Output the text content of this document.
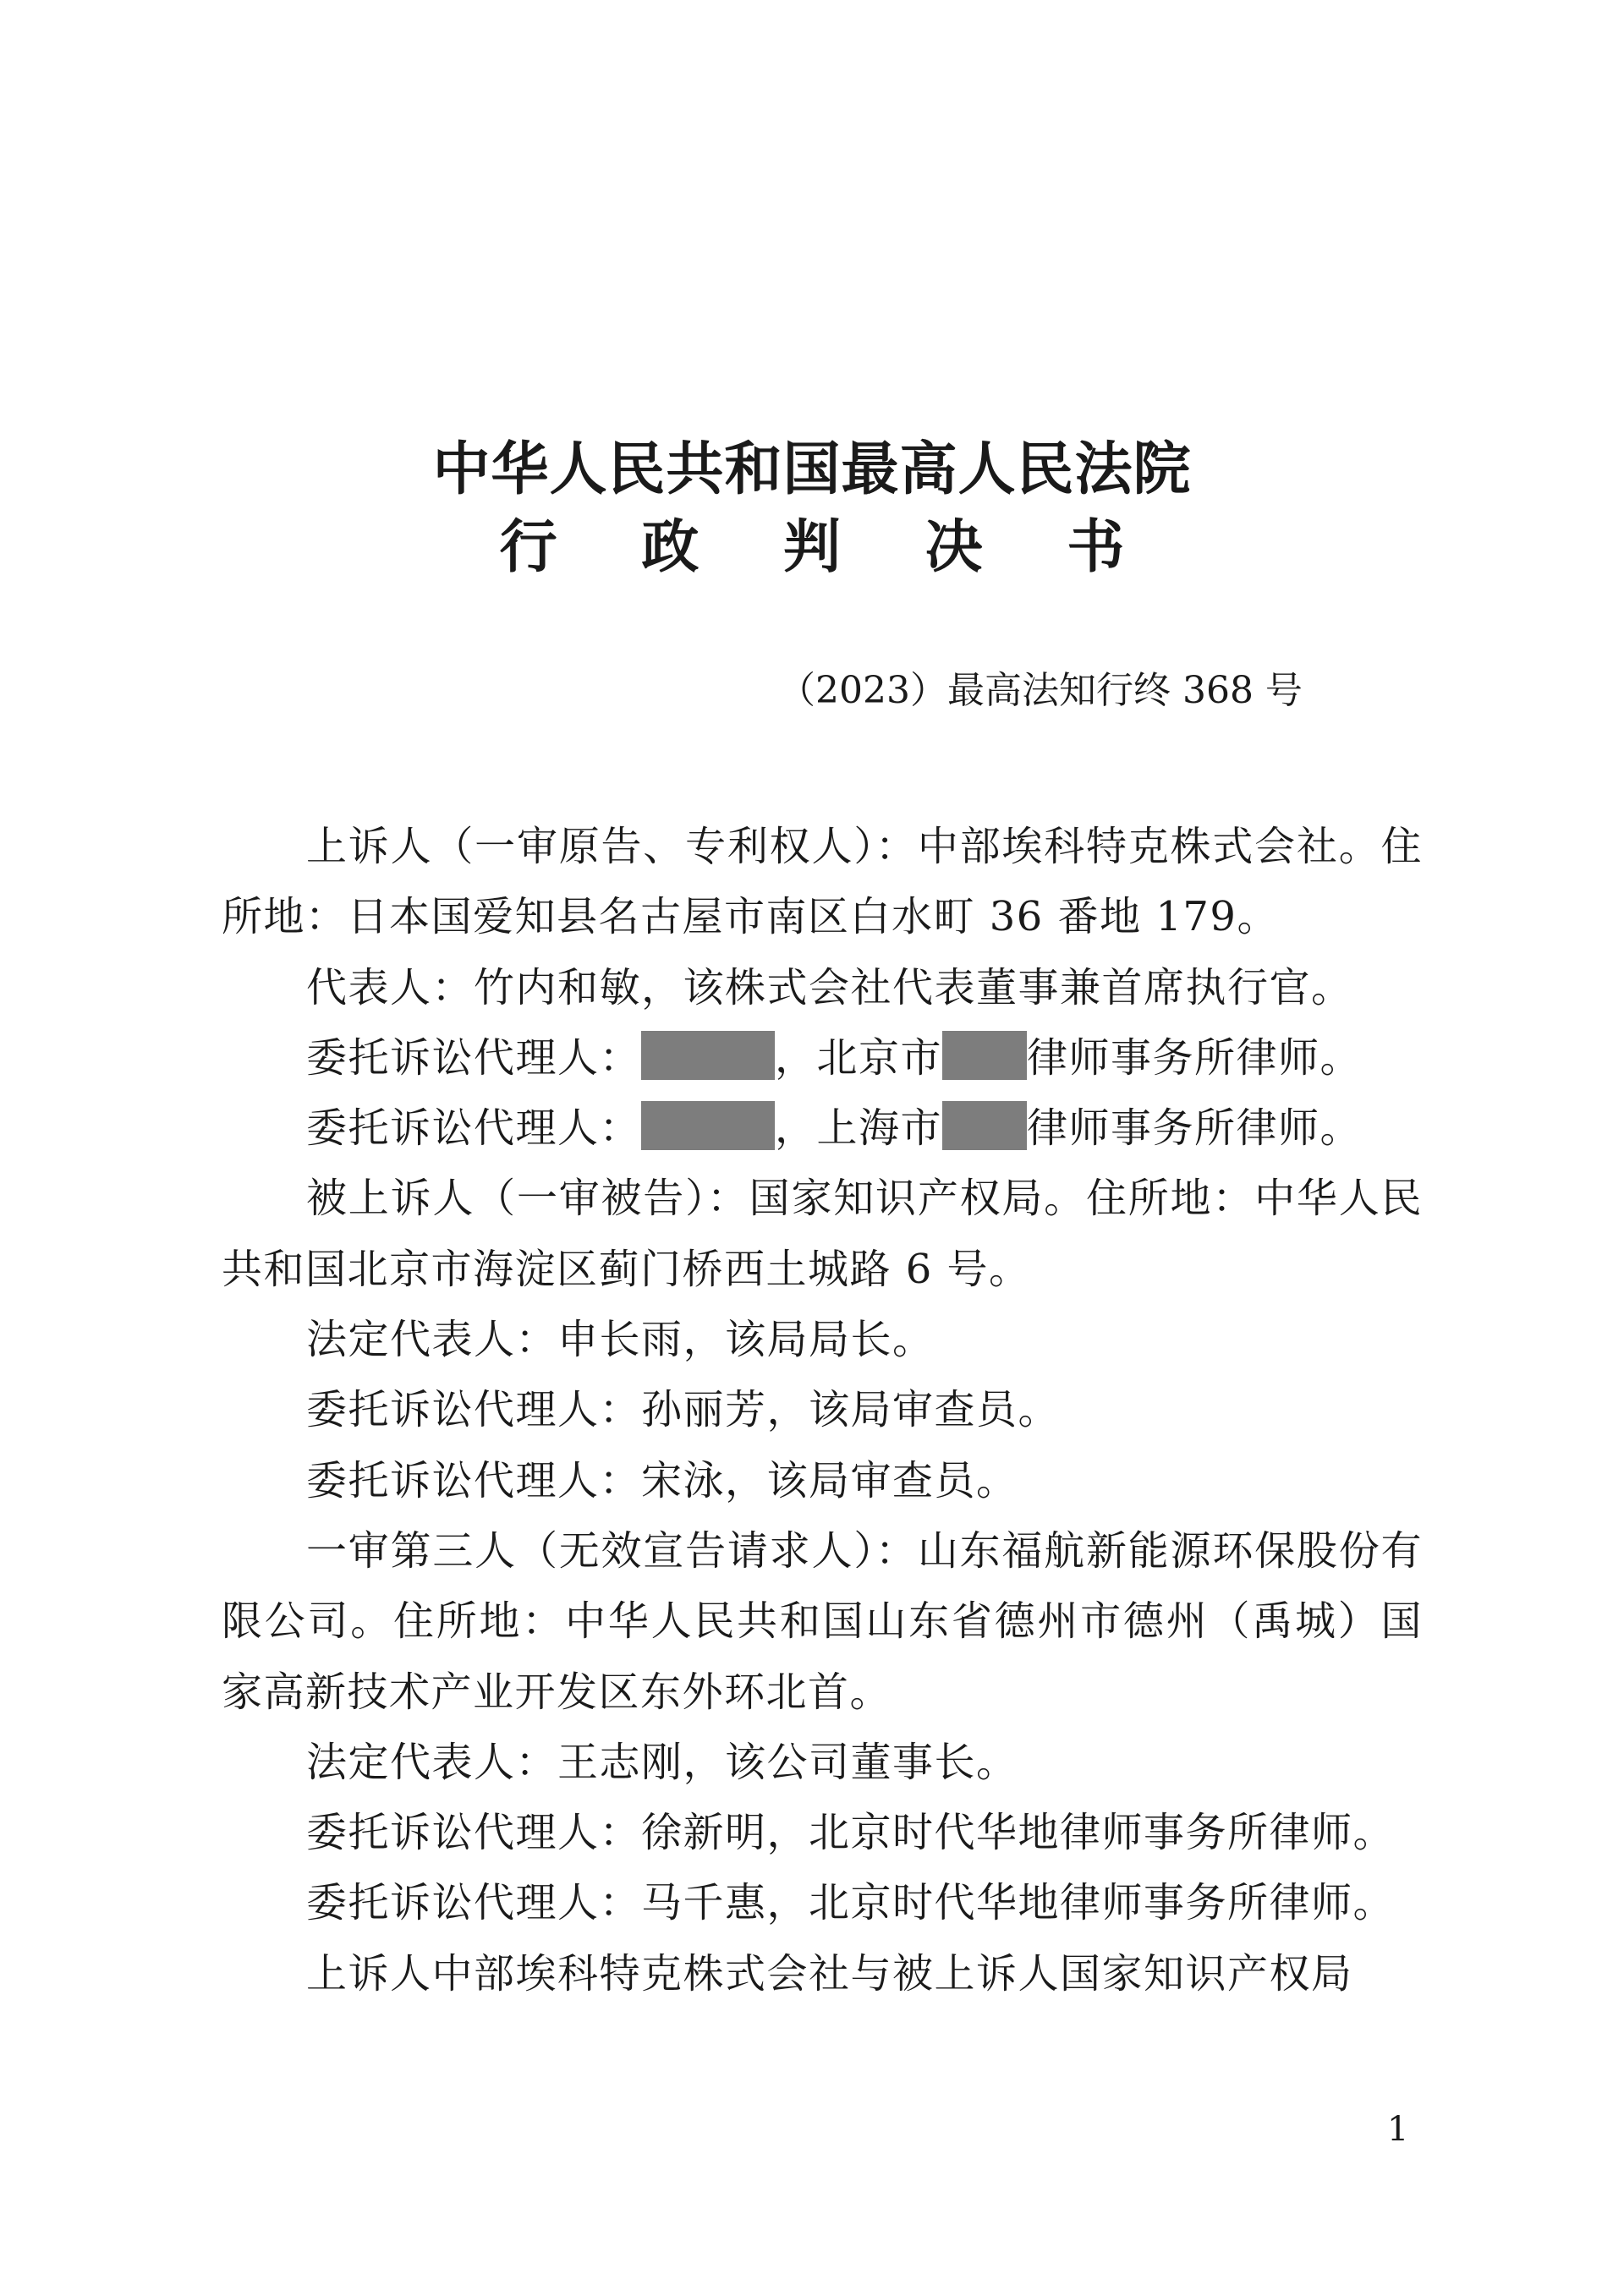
中华人民共和国最高人民法院
行 政 判 决 书
（2023）最高法知行终 368 号

上诉人（一审原告、专利权人）：中部埃科特克株式会社。住所地：日本国爱知县名古屋市南区白水町 36 番地 179。

代表人：竹内和敏，该株式会社代表董事兼首席执行官。

委托诉讼代理人：	，北京市 律师事务所律师。

委托诉讼代理人：	，上海市 律师事务所律师。

被上诉人（一审被告）：国家知识产权局。住所地：中华人民共和国北京市海淀区蓟门桥西土城路 6 号。

法定代表人：申长雨，该局局长。

委托诉讼代理人：孙丽芳，该局审查员。

委托诉讼代理人：宋泳，该局审查员。

一审第三人（无效宣告请求人）：山东福航新能源环保股份有限公司。住所地：中华人民共和国山东省德州市德州（禹城）国家高新技术产业开发区东外环北首。

法定代表人：王志刚，该公司董事长。

委托诉讼代理人：徐新明，北京时代华地律师事务所律师。

委托诉讼代理人：马千惠，北京时代华地律师事务所律师。

上诉人中部埃科特克株式会社与被上诉人国家知识产权局

1
